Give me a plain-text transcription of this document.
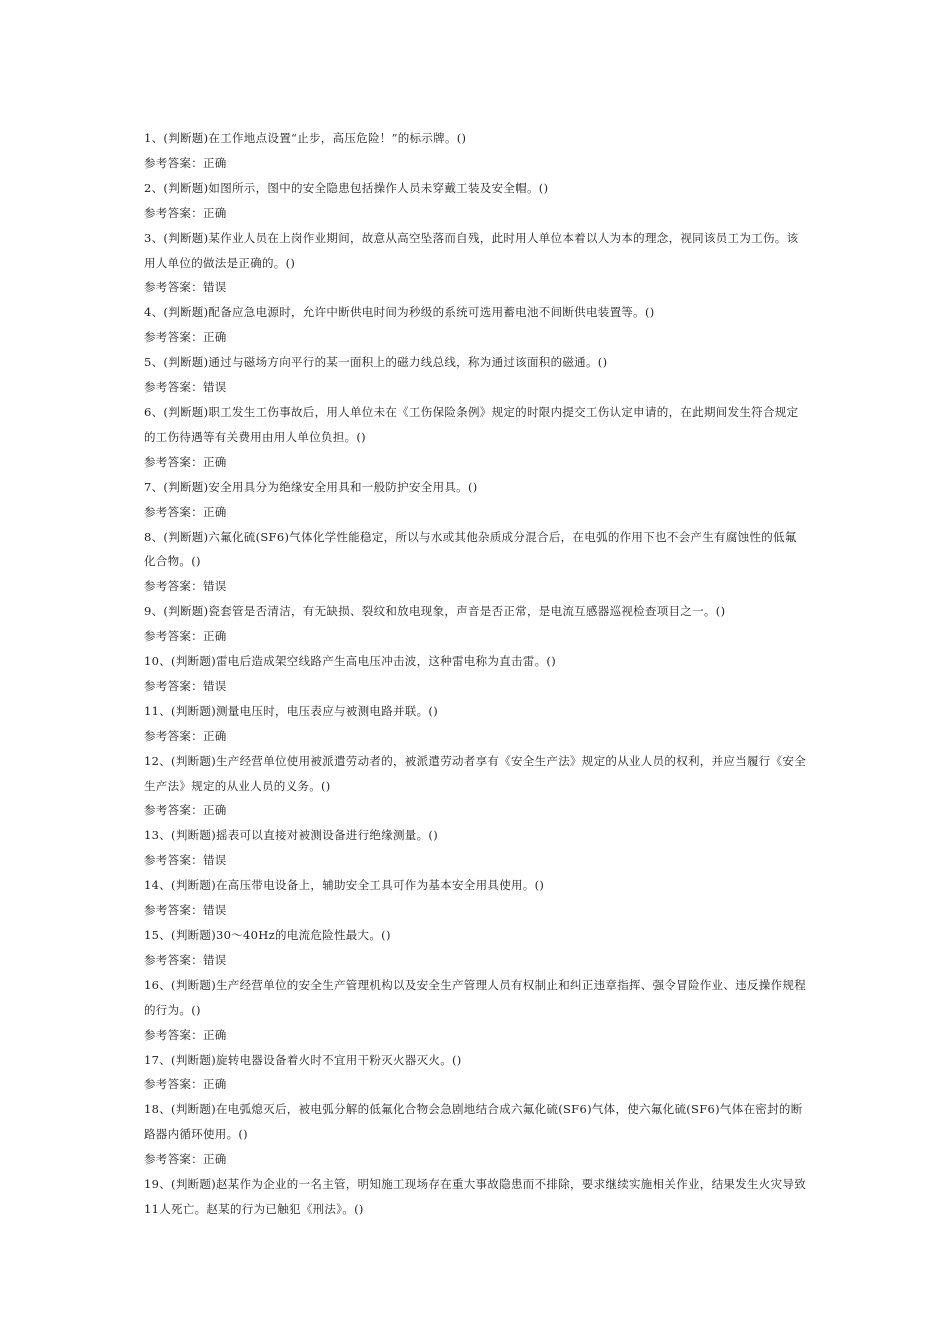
1、(判断题)在工作地点设置“止步，高压危险！”的标示牌。()

参考答案：正确

2、(判断题)如图所示，图中的安全隐患包括操作人员未穿戴工装及安全帽。()

参考答案：正确

3、(判断题)某作业人员在上岗作业期间，故意从高空坠落而自残，此时用人单位本着以人为本的理念，视同该员工为工伤。该用人单位的做法是正确的。()

参考答案：错误

4、(判断题)配备应急电源时，允许中断供电时间为秒级的系统可选用蓄电池不间断供电装置等。()

参考答案：正确

5、(判断题)通过与磁场方向平行的某一面积上的磁力线总线，称为通过该面积的磁通。()

参考答案：错误

6、(判断题)职工发生工伤事故后，用人单位未在《工伤保险条例》规定的时限内提交工伤认定申请的，在此期间发生符合规定的工伤待遇等有关费用由用人单位负担。()

参考答案：正确

7、(判断题)安全用具分为绝缘安全用具和一般防护安全用具。()

参考答案：正确

8、(判断题)六氟化硫(SF6)气体化学性能稳定，所以与水或其他杂质成分混合后，在电弧的作用下也不会产生有腐蚀性的低氟化合物。()

参考答案：错误

9、(判断题)瓷套管是否清洁，有无缺损、裂纹和放电现象，声音是否正常，是电流互感器巡视检查项目之一。()

参考答案：正确

10、(判断题)雷电后造成架空线路产生高电压冲击波，这种雷电称为直击雷。()

参考答案：错误

11、(判断题)测量电压时，电压表应与被测电路并联。()

参考答案：正确

12、(判断题)生产经营单位使用被派遣劳动者的，被派遣劳动者享有《安全生产法》规定的从业人员的权利，并应当履行《安全生产法》规定的从业人员的义务。()

参考答案：正确

13、(判断题)摇表可以直接对被测设备进行绝缘测量。()

参考答案：错误

14、(判断题)在高压带电设备上，辅助安全工具可作为基本安全用具使用。()

参考答案：错误

15、(判断题)30～40Hz的电流危险性最大。()

参考答案：错误

16、(判断题)生产经营单位的安全生产管理机构以及安全生产管理人员有权制止和纠正违章指挥、强令冒险作业、违反操作规程的行为。()

参考答案：正确

17、(判断题)旋转电器设备着火时不宜用干粉灭火器灭火。()

参考答案：正确

18、(判断题)在电弧熄灭后，被电弧分解的低氟化合物会急剧地结合成六氟化硫(SF6)气体，使六氟化硫(SF6)气体在密封的断路器内循环使用。()

参考答案：正确

19、(判断题)赵某作为企业的一名主管，明知施工现场存在重大事故隐患而不排除，要求继续实施相关作业，结果发生火灾导致11人死亡。赵某的行为已触犯《刑法》。()
